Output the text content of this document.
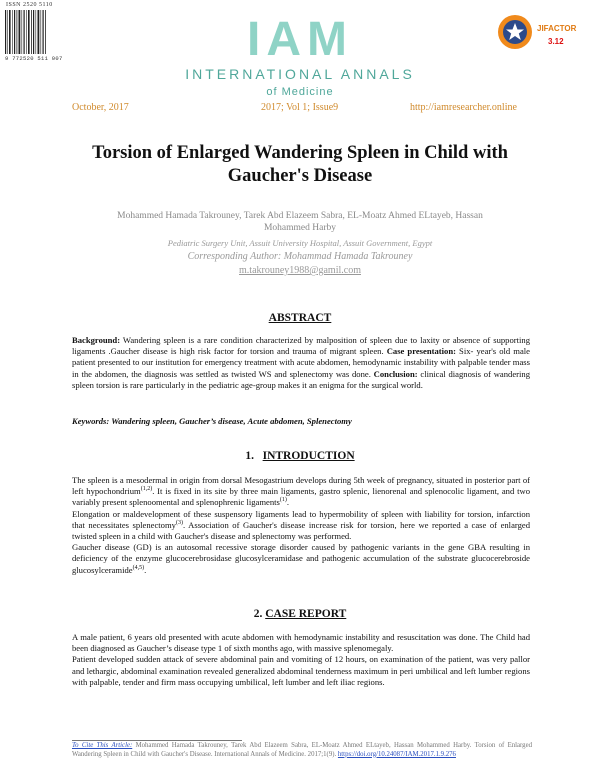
ISSN 2520 5110
9 772520 511 007	IAM
INTERNATIONAL ANNALS
of Medicine
JIFACTOR
3.12
October, 2017	2017; Vol 1; Issue9	http://iamresearcher.online
Torsion of Enlarged Wandering Spleen in Child with
Gaucher's Disease
Mohammed Hamada Takrouney, Tarek Abd Elazeem Sabra, EL-Moatz Ahmed ELtayeb, Hassan
Mohammed Harby
Pediatric Surgery Unit, Assuit University Hospital, Assuit Government, Egypt
Corresponding Author: Mohammad Hamada Takrouney
m.takrouney1988@gamil.com
ABSTRACT
Background: Wandering spleen is a rare condition characterized by malposition of spleen due to laxity or absence of supporting ligaments .Gaucher disease is high risk factor for torsion and trauma of migrant spleen. Case presentation: Six- year's old male patient presented to our institution for emergency treatment with acute abdomen, hemodynamic instability with palpable tender mass in the abdomen, the diagnosis was settled as twisted WS and splenectomy was done. Conclusion: clinical diagnosis of wandering spleen torsion is rare particularly in the pediatric age-group makes it an enigma for the surgical world.
Keywords: Wandering spleen, Gaucher’s disease, Acute abdomen, Splenectomy
1. INTRODUCTION
The spleen is a mesodermal in origin from dorsal Mesogastrium develops during 5th week of pregnancy, situated in posterior part of left hypochondrium$^{(1,2)}$. It is fixed in its site by three main ligaments, gastro splenic, lienorenal and splenocolic ligament, and two variably present splenoomental and splenophrenic ligaments$^{(1)}$.
Elongation or maldevelopment of these suspensory ligaments lead to hypermobility of spleen with liability for torsion, infarction that necessitates splenectomy$^{(3)}$. Association of Gaucher's disease increase risk for torsion, here we reported a case of enlarged twisted spleen in a child with Gaucher's disease and splenectomy was performed.
Gaucher disease (GD) is an autosomal recessive storage disorder caused by pathogenic variants in the gene GBA resulting in deficiency of the enzyme glucocerebrosidase glucosylceramidase and pathogenic accumulation of the substrate glucocerebroside glucosylceramide$^{(4,5)}$.
2. CASE REPORT
A male patient, 6 years old presented with acute abdomen with hemodynamic instability and resuscitation was done. The Child had been diagnosed as Gaucher’s disease type 1 of sixth months ago, with massive splenomegaly.
Patient developed sudden attack of severe abdominal pain and vomiting of 12 hours, on examination of the patient, was very pallor and lethargic, abdominal examination revealed generalized abdominal tenderness maximum in peri umbilical and left lumber regions with palpable, tender and firm mass occupying umbilical, left lumber and left iliac regions.
To Cite This Article: Mohammed Hamada Takrouney, Tarek Abd Elazeem Sabra, EL-Moatz Ahmed ELtayeb, Hassan Mohammed Harby. Torsion of Enlarged Wandering Spleen in Child with Gaucher's Disease. International Annals of Medicine. 2017;1(9). https://doi.org/10.24087/IAM.2017.1.9.276
